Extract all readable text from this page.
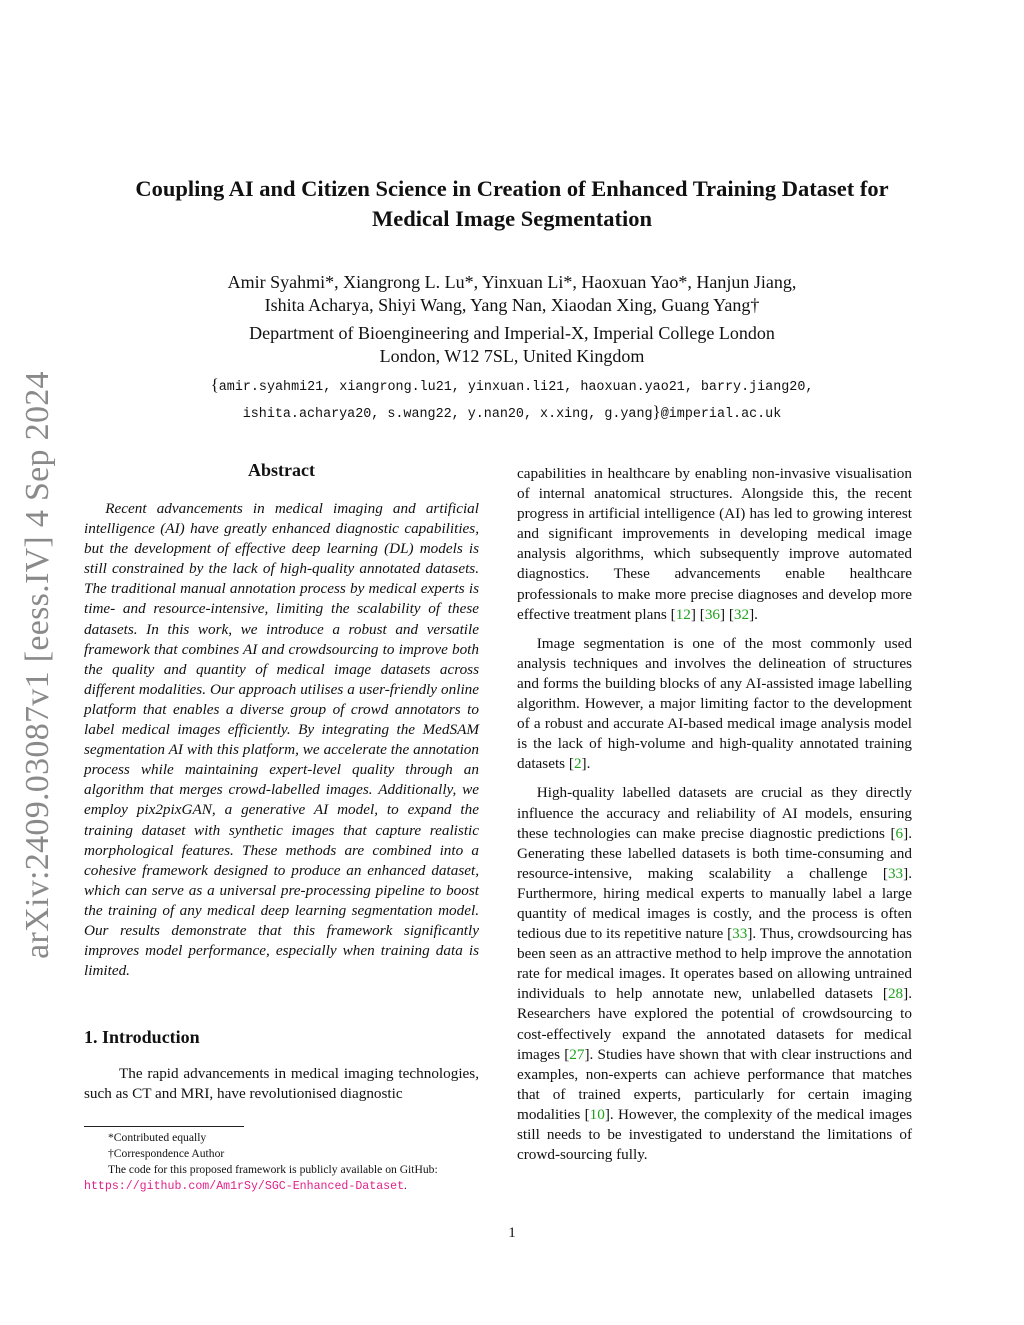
arXiv:2409.03087v1 [eess.IV] 4 Sep 2024
Coupling AI and Citizen Science in Creation of Enhanced Training Dataset for
Medical Image Segmentation
Amir Syahmi*, Xiangrong L. Lu*, Yinxuan Li*, Haoxuan Yao*, Hanjun Jiang,
Ishita Acharya, Shiyi Wang, Yang Nan, Xiaodan Xing, Guang Yang†
Department of Bioengineering and Imperial-X, Imperial College London
London, W12 7SL, United Kingdom
{amir.syahmi21, xiangrong.lu21, yinxuan.li21, haoxuan.yao21, barry.jiang20,
ishita.acharya20, s.wang22, y.nan20, x.xing, g.yang}@imperial.ac.uk
Abstract

Recent advancements in medical imaging and artificial intelligence (AI) have greatly enhanced diagnostic capabilities, but the development of effective deep learning (DL) models is still constrained by the lack of high-quality annotated datasets. The traditional manual annotation process by medical experts is time- and resource-intensive, limiting the scalability of these datasets. In this work, we introduce a robust and versatile framework that combines AI and crowdsourcing to improve both the quality and quantity of medical image datasets across different modalities. Our approach utilises a user-friendly online platform that enables a diverse group of crowd annotators to label medical images efficiently. By integrating the MedSAM segmentation AI with this platform, we accelerate the annotation process while maintaining expert-level quality through an algorithm that merges crowd-labelled images. Additionally, we employ pix2pixGAN, a generative AI model, to expand the training dataset with synthetic images that capture realistic morphological features. These methods are combined into a cohesive framework designed to produce an enhanced dataset, which can serve as a universal pre-processing pipeline to boost the training of any medical deep learning segmentation model. Our results demonstrate that this framework significantly improves model performance, especially when training data is limited.

1. Introduction

The rapid advancements in medical imaging technologies, such as CT and MRI, have revolutionised diagnostic

*Contributed equally
†Correspondence Author
The code for this proposed framework is publicly available on GitHub:
https://github.com/Am1rSy/SGC-Enhanced-Dataset.

capabilities in healthcare by enabling non-invasive visualisation of internal anatomical structures. Alongside this, the recent progress in artificial intelligence (AI) has led to growing interest and significant improvements in developing medical image analysis algorithms, which subsequently improve automated diagnostics. These advancements enable healthcare professionals to make more precise diagnoses and develop more effective treatment plans [12] [36] [32].

Image segmentation is one of the most commonly used analysis techniques and involves the delineation of structures and forms the building blocks of any AI-assisted image labelling algorithm. However, a major limiting factor to the development of a robust and accurate AI-based medical image analysis model is the lack of high-volume and high-quality annotated training datasets [2].

High-quality labelled datasets are crucial as they directly influence the accuracy and reliability of AI models, ensuring these technologies can make precise diagnostic predictions [6]. Generating these labelled datasets is both time-consuming and resource-intensive, making scalability a challenge [33]. Furthermore, hiring medical experts to manually label a large quantity of medical images is costly, and the process is often tedious due to its repetitive nature [33]. Thus, crowdsourcing has been seen as an attractive method to help improve the annotation rate for medical images. It operates based on allowing untrained individuals to help annotate new, unlabelled datasets [28]. Researchers have explored the potential of crowdsourcing to cost-effectively expand the annotated datasets for medical images [27]. Studies have shown that with clear instructions and examples, non-experts can achieve performance that matches that of trained experts, particularly for certain imaging modalities [10]. However, the complexity of the medical images still needs to be investigated to understand the limitations of crowd-sourcing fully.

1
